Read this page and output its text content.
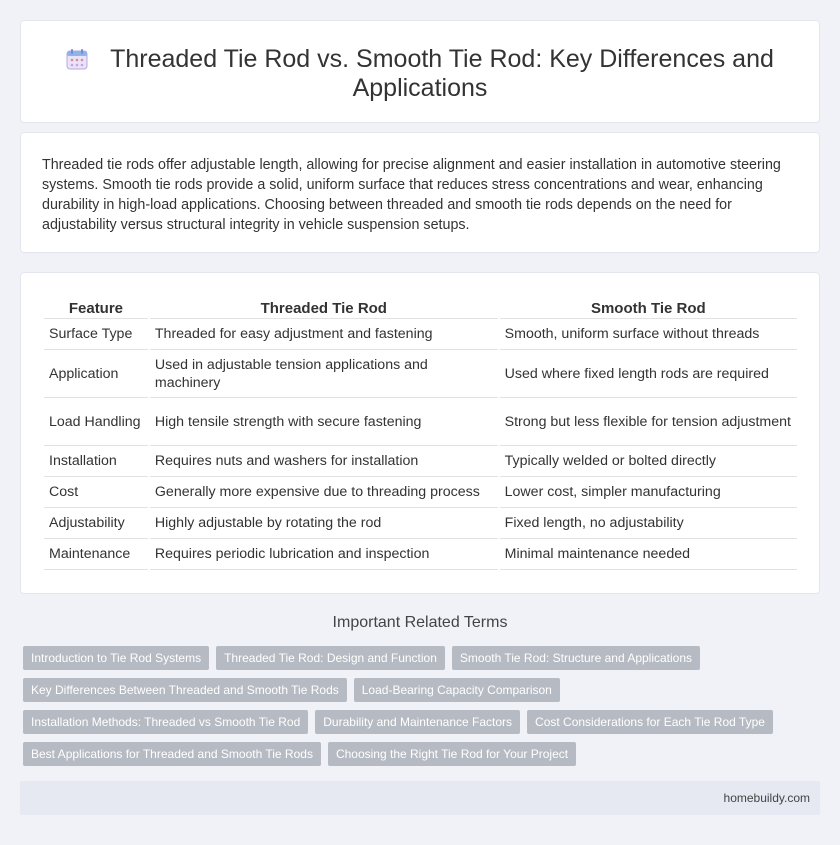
Threaded Tie Rod vs. Smooth Tie Rod: Key Differences and Applications

Threaded tie rods offer adjustable length, allowing for precise alignment and easier installation in automotive steering systems. Smooth tie rods provide a solid, uniform surface that reduces stress concentrations and wear, enhancing durability in high-load applications. Choosing between threaded and smooth tie rods depends on the need for adjustability versus structural integrity in vehicle suspension setups.

Feature	Threaded Tie Rod	Smooth Tie Rod
Surface Type	Threaded for easy adjustment and fastening	Smooth, uniform surface without threads
Application	Used in adjustable tension applications and machinery	Used where fixed length rods are required
Load Handling	High tensile strength with secure fastening	Strong but less flexible for tension adjustment
Installation	Requires nuts and washers for installation	Typically welded or bolted directly
Cost	Generally more expensive due to threading process	Lower cost, simpler manufacturing
Adjustability	Highly adjustable by rotating the rod	Fixed length, no adjustability
Maintenance	Requires periodic lubrication and inspection	Minimal maintenance needed
Important Related Terms
Introduction to Tie Rod Systems	Threaded Tie Rod: Design and Function	Smooth Tie Rod: Structure and Applications
Key Differences Between Threaded and Smooth Tie Rods	Load-Bearing Capacity Comparison
Installation Methods: Threaded vs Smooth Tie Rod	Durability and Maintenance Factors	Cost Considerations for Each Tie Rod Type
Best Applications for Threaded and Smooth Tie Rods	Choosing the Right Tie Rod for Your Project
homebuildy.com
